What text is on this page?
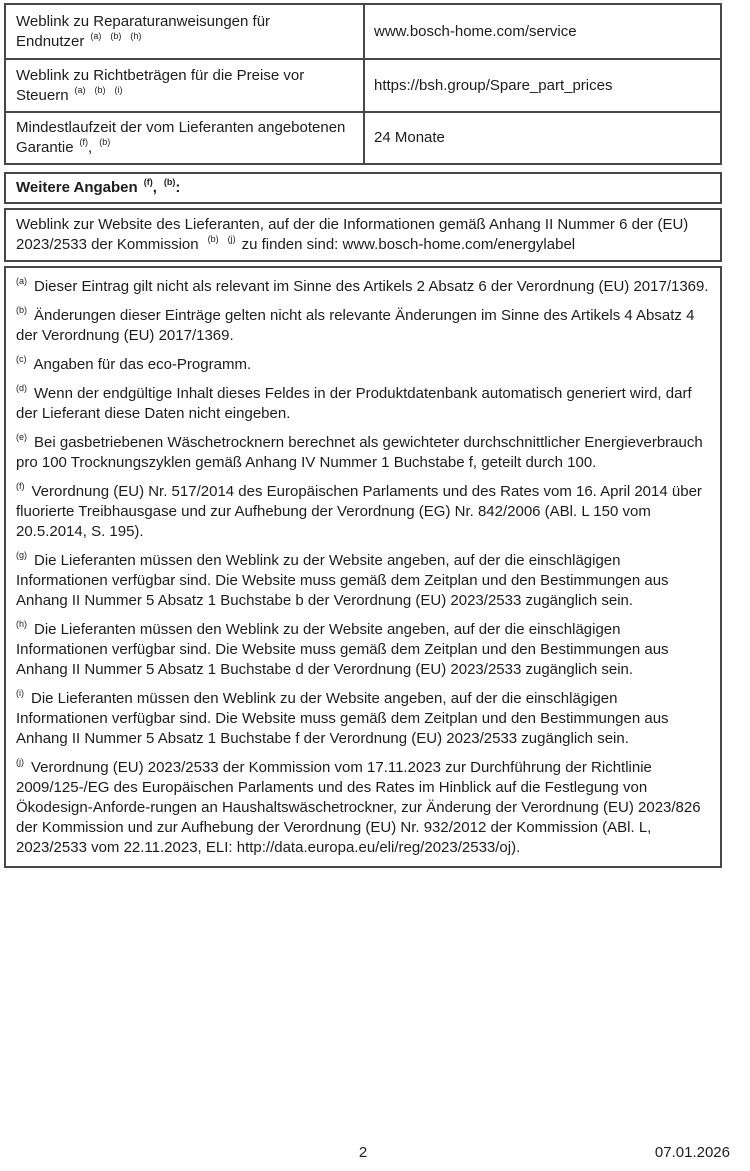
Weblink zu Reparaturanweisungen für Endnutzer $^{(a)}$ $^{(b)}$ $^{(h)}$	www.bosch-home.com/service
Weblink zu Richtbeträgen für die Preise vor Steuern $^{(a)}$ $^{(b)}$ $^{(i)}$	https://bsh.group/Spare_part_prices
Mindestlaufzeit der vom Lieferanten angebotenen Garantie $^{(f)}$, $^{(b)}$	24 Monate
Weitere Angaben $^{(f)}$, $^{(b)}$:
Weblink zur Website des Lieferanten, auf der die Informationen gemäß Anhang II Nummer 6 der (EU) 2023/2533 der Kommission $^{(b)}$ $^{(j)}$ zu finden sind: www.bosch-home.com/energylabel

$^{(a)}$ Dieser Eintrag gilt nicht als relevant im Sinne des Artikels 2 Absatz 6 der Verordnung (EU) 2017/1369.

$^{(b)}$ Änderungen dieser Einträge gelten nicht als relevante Änderungen im Sinne des Artikels 4 Absatz 4 der Verordnung (EU) 2017/1369.

$^{(c)}$ Angaben für das eco-Programm.

$^{(d)}$ Wenn der endgültige Inhalt dieses Feldes in der Produktdatenbank automatisch generiert wird, darf der Lieferant diese Daten nicht eingeben.

$^{(e)}$ Bei gasbetriebenen Wäschetrocknern berechnet als gewichteter durchschnittlicher Energieverbrauch pro 100 Trocknungszyklen gemäß Anhang IV Nummer 1 Buchstabe f, geteilt durch 100.

$^{(f)}$ Verordnung (EU) Nr. 517/2014 des Europäischen Parlaments und des Rates vom 16. April 2014 über fluorierte Treibhausgase und zur Aufhebung der Verordnung (EG) Nr. 842/2006 (ABl. L 150 vom 20.5.2014, S. 195).

$^{(g)}$ Die Lieferanten müssen den Weblink zu der Website angeben, auf der die einschlägigen Informationen verfügbar sind. Die Website muss gemäß dem Zeitplan und den Bestimmungen aus Anhang II Nummer 5 Absatz 1 Buchstabe b der Verordnung (EU) 2023/2533 zugänglich sein.

$^{(h)}$ Die Lieferanten müssen den Weblink zu der Website angeben, auf der die einschlägigen Informationen verfügbar sind. Die Website muss gemäß dem Zeitplan und den Bestimmungen aus Anhang II Nummer 5 Absatz 1 Buchstabe d der Verordnung (EU) 2023/2533 zugänglich sein.

$^{(i)}$ Die Lieferanten müssen den Weblink zu der Website angeben, auf der die einschlägigen Informationen verfügbar sind. Die Website muss gemäß dem Zeitplan und den Bestimmungen aus Anhang II Nummer 5 Absatz 1 Buchstabe f der Verordnung (EU) 2023/2533 zugänglich sein.

$^{(j)}$ Verordnung (EU) 2023/2533 der Kommission vom 17.11.2023 zur Durchführung der Richtlinie 2009/125-/EG des Europäischen Parlaments und des Rates im Hinblick auf die Festlegung von Ökodesign-Anforde-rungen an Haushaltswäschetrockner, zur Änderung der Verordnung (EU) 2023/826 der Kommission und zur Aufhebung der Verordnung (EU) Nr. 932/2012 der Kommission (ABl. L, 2023/2533 vom 22.11.2023, ELI: http://data.europa.eu/eli/reg/2023/2533/oj).

2	07.01.2026
